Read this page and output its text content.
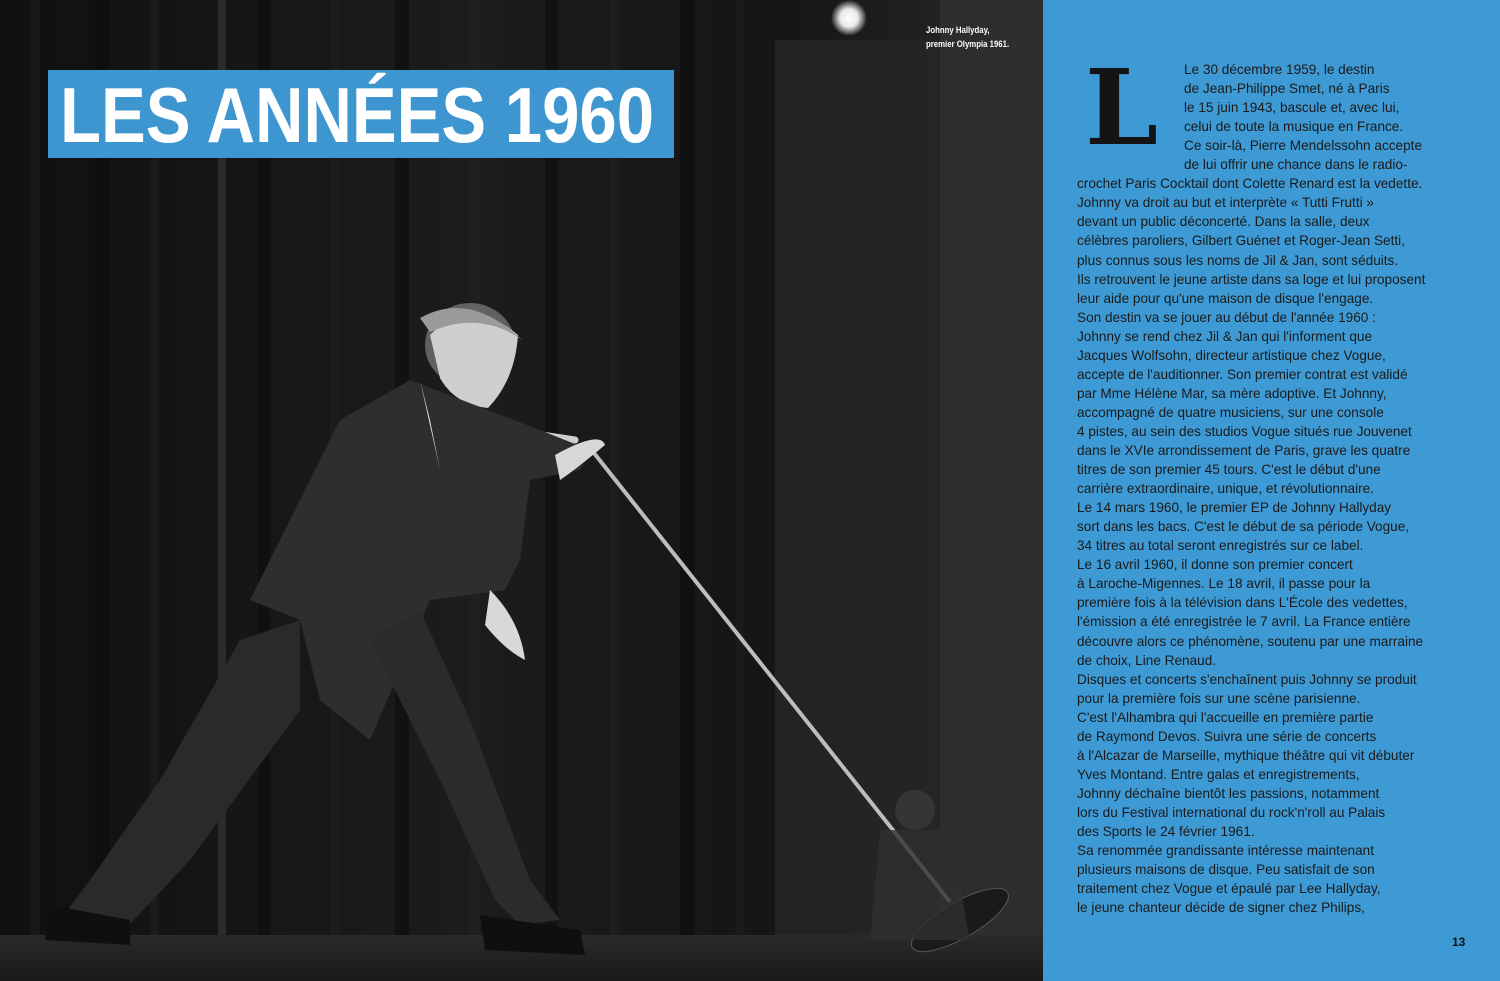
Johnny Hallyday,
premier Olympia 1961.
LES ANNÉES 1960	L Le 30 décembre 1959, le destin
de Jean-Philippe Smet, né à Paris
le 15 juin 1943, bascule et, avec lui,
celui de toute la musique en France.
Ce soir-là, Pierre Mendelssohn accepte
de lui offrir une chance dans le radio-
crochet Paris Cocktail dont Colette Renard est la vedette.
Johnny va droit au but et interprète « Tutti Frutti »
devant un public déconcerté. Dans la salle, deux
célèbres paroliers, Gilbert Guénet et Roger-Jean Setti,
plus connus sous les noms de Jil & Jan, sont séduits.
Ils retrouvent le jeune artiste dans sa loge et lui proposent
leur aide pour qu'une maison de disque l'engage.
Son destin va se jouer au début de l'année 1960 :
Johnny se rend chez Jil & Jan qui l'informent que
Jacques Wolfsohn, directeur artistique chez Vogue,
accepte de l'auditionner. Son premier contrat est validé
par Mme Hélène Mar, sa mère adoptive. Et Johnny,
accompagné de quatre musiciens, sur une console
4 pistes, au sein des studios Vogue situés rue Jouvenet
dans le XVIe arrondissement de Paris, grave les quatre
titres de son premier 45 tours. C'est le début d'une
carrière extraordinaire, unique, et révolutionnaire.
Le 14 mars 1960, le premier EP de Johnny Hallyday
sort dans les bacs. C'est le début de sa période Vogue,
34 titres au total seront enregistrés sur ce label.
Le 16 avril 1960, il donne son premier concert
à Laroche-Migennes. Le 18 avril, il passe pour la
première fois à la télévision dans L'École des vedettes,
l'émission a été enregistrée le 7 avril. La France entière
découvre alors ce phénomène, soutenu par une marraine
de choix, Line Renaud.
Disques et concerts s'enchaînent puis Johnny se produit
pour la première fois sur une scène parisienne.
C'est l'Alhambra qui l'accueille en première partie
de Raymond Devos. Suivra une série de concerts
à l'Alcazar de Marseille, mythique théâtre qui vit débuter
Yves Montand. Entre galas et enregistrements,
Johnny déchaîne bientôt les passions, notamment
lors du Festival international du rock'n'roll au Palais
des Sports le 24 février 1961.
Sa renommée grandissante intéresse maintenant
plusieurs maisons de disque. Peu satisfait de son
traitement chez Vogue et épaulé par Lee Hallyday,
le jeune chanteur décide de signer chez Philips,
13
